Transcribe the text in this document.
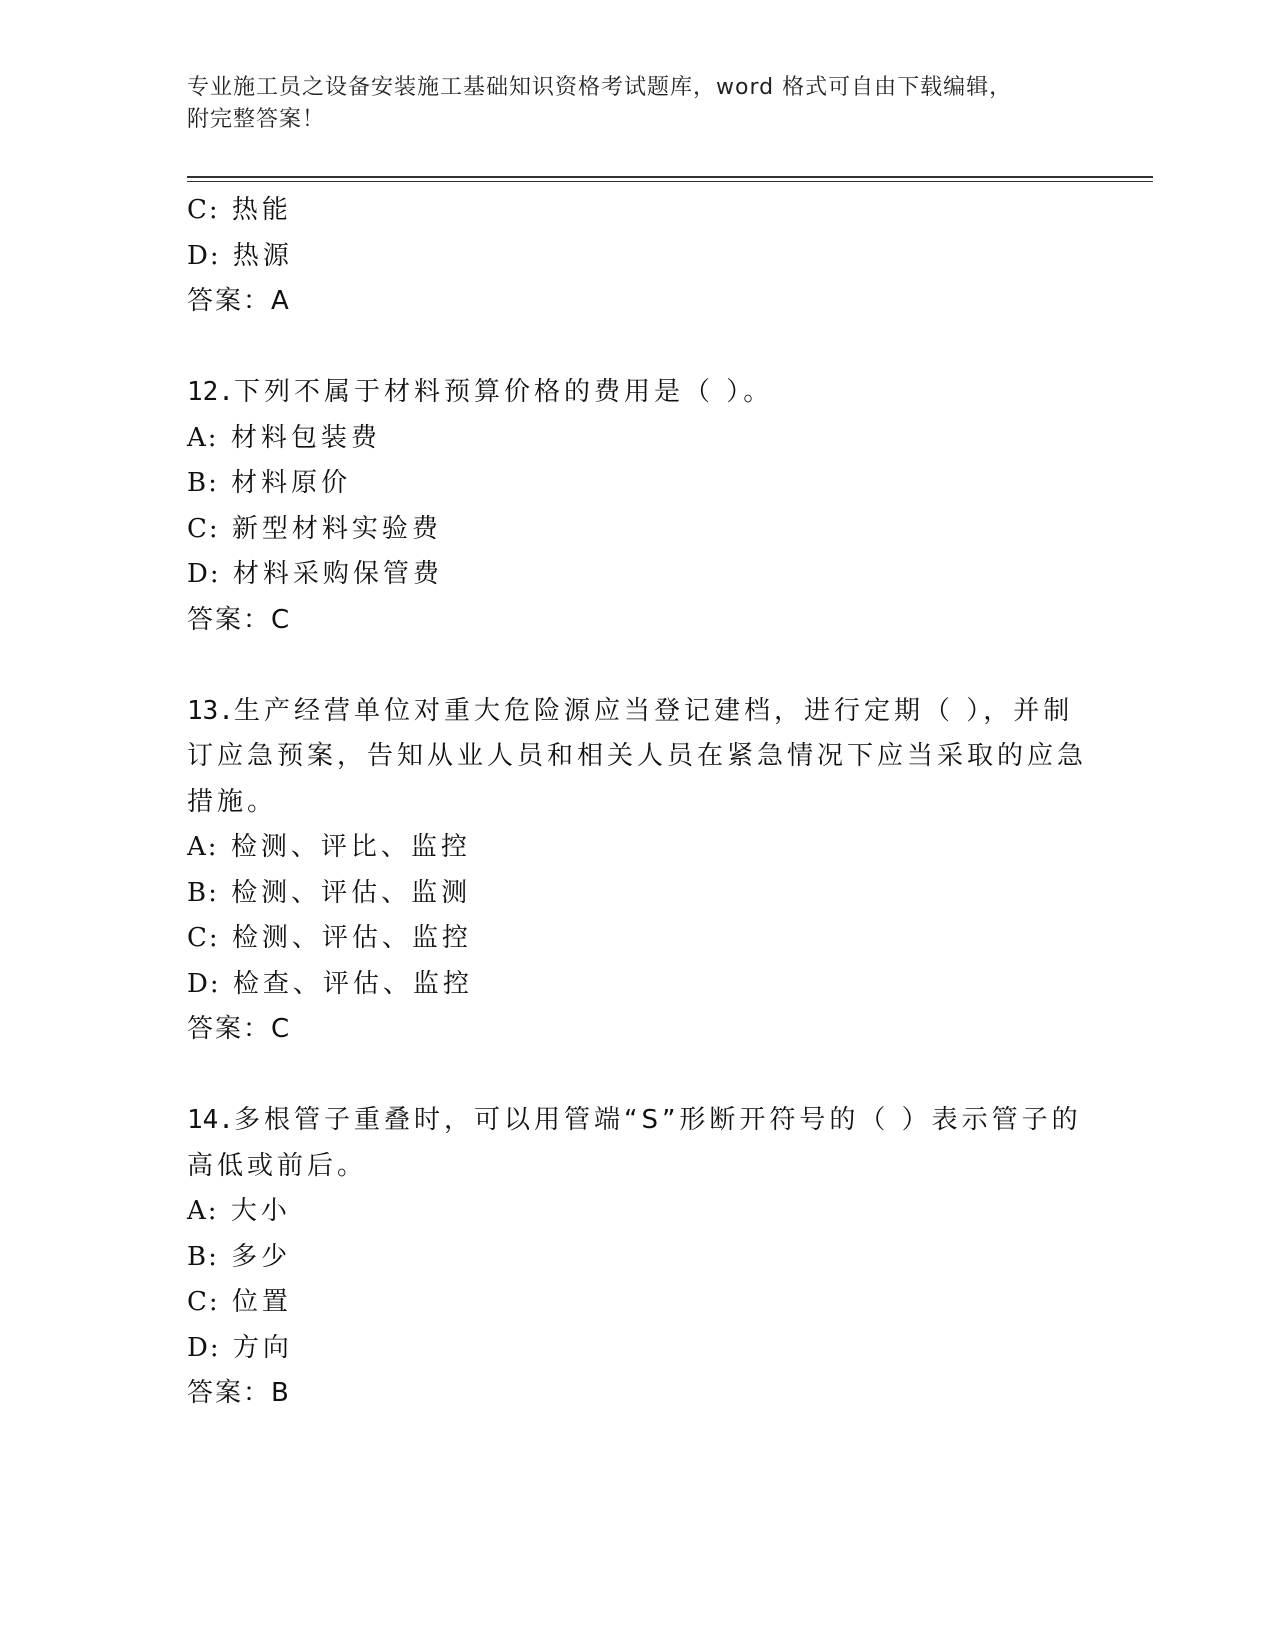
专业施工员之设备安装施工基础知识资格考试题库，word 格式可自由下载编辑，
附完整答案！
C: 热能
D: 热源
答案：A
12.下列不属于材料预算价格的费用是（ ）。
A: 材料包装费
B: 材料原价
C: 新型材料实验费
D: 材料采购保管费
答案：C
13.生产经营单位对重大危险源应当登记建档，进行定期（ ），并制
订应急预案，告知从业人员和相关人员在紧急情况下应当采取的应急
措施。
A: 检测、评比、监控
B: 检测、评估、监测
C: 检测、评估、监控
D: 检查、评估、监控
答案：C
14.多根管子重叠时，可以用管端“S”形断开符号的（ ）表示管子的
高低或前后。
A: 大小
B: 多少
C: 位置
D: 方向
答案：B
